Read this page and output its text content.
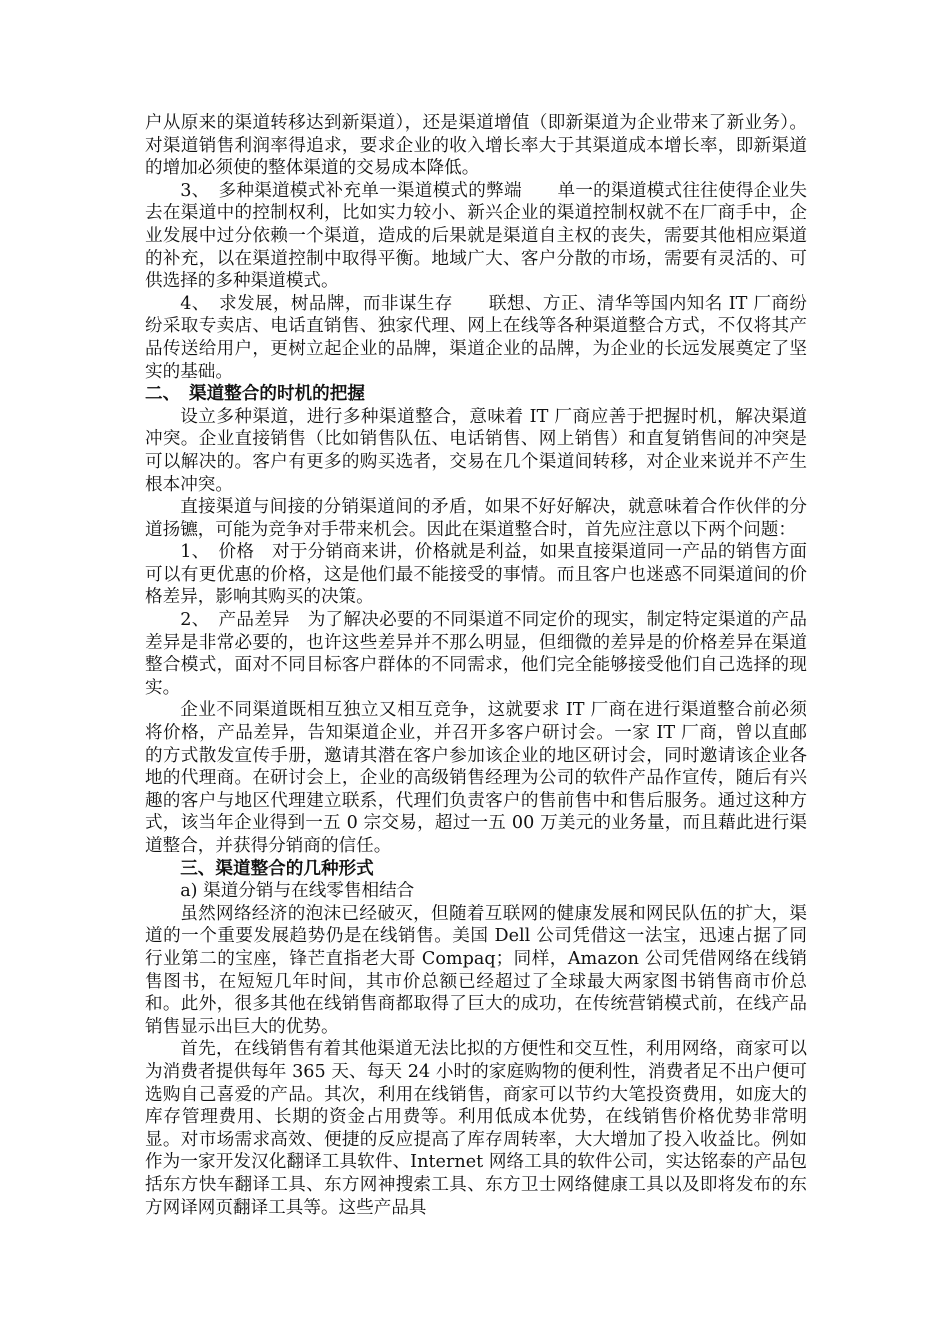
户从原来的渠道转移达到新渠道），还是渠道增值（即新渠道为企业带来了新业务）。对渠道销售利润率得追求，要求企业的收入增长率大于其渠道成本增长率，即新渠道的增加必须使的整体渠道的交易成本降低。

3、　多种渠道模式补充单一渠道模式的弊端　　单一的渠道模式往往使得企业失去在渠道中的控制权利，比如实力较小、新兴企业的渠道控制权就不在厂商手中，企业发展中过分依赖一个渠道，造成的后果就是渠道自主权的丧失，需要其他相应渠道的补充，以在渠道控制中取得平衡。地域广大、客户分散的市场，需要有灵活的、可供选择的多种渠道模式。

4、　求发展，树品牌，而非谋生存　　联想、方正、清华等国内知名 IT 厂商纷纷采取专卖店、电话直销售、独家代理、网上在线等各种渠道整合方式，不仅将其产品传送给用户，更树立起企业的品牌，渠道企业的品牌，为企业的长远发展奠定了坚实的基础。

二、　渠道整合的时机的把握

设立多种渠道，进行多种渠道整合，意味着 IT 厂商应善于把握时机，解决渠道冲突。企业直接销售（比如销售队伍、电话销售、网上销售）和直复销售间的冲突是可以解决的。客户有更多的购买选者，交易在几个渠道间转移，对企业来说并不产生根本冲突。

直接渠道与间接的分销渠道间的矛盾，如果不好好解决，就意味着合作伙伴的分道扬镳，可能为竞争对手带来机会。因此在渠道整合时，首先应注意以下两个问题：

1、　价格　对于分销商来讲，价格就是利益，如果直接渠道同一产品的销售方面可以有更优惠的价格，这是他们最不能接受的事情。而且客户也迷惑不同渠道间的价格差异，影响其购买的决策。

2、　产品差异　为了解决必要的不同渠道不同定价的现实，制定特定渠道的产品差异是非常必要的，也许这些差异并不那么明显，但细微的差异是的价格差异在渠道整合模式，面对不同目标客户群体的不同需求，他们完全能够接受他们自己选择的现实。

企业不同渠道既相互独立又相互竞争，这就要求 IT 厂商在进行渠道整合前必须将价格，产品差异，告知渠道企业，并召开多客户研讨会。一家 IT 厂商，曾以直邮的方式散发宣传手册，邀请其潜在客户参加该企业的地区研讨会，同时邀请该企业各地的代理商。在研讨会上，企业的高级销售经理为公司的软件产品作宣传，随后有兴趣的客户与地区代理建立联系，代理们负责客户的售前售中和售后服务。通过这种方式，该当年企业得到一五 0 宗交易，超过一五 00 万美元的业务量，而且藉此进行渠道整合，并获得分销商的信任。

三、渠道整合的几种形式

a) 渠道分销与在线零售相结合

虽然网络经济的泡沫已经破灭，但随着互联网的健康发展和网民队伍的扩大，渠道的一个重要发展趋势仍是在线销售。美国 Dell 公司凭借这一法宝，迅速占据了同行业第二的宝座，锋芒直指老大哥 Compaq；同样，Amazon 公司凭借网络在线销售图书，在短短几年时间，其市价总额已经超过了全球最大两家图书销售商市价总和。此外，很多其他在线销售商都取得了巨大的成功，在传统营销模式前，在线产品销售显示出巨大的优势。

首先，在线销售有着其他渠道无法比拟的方便性和交互性，利用网络，商家可以为消费者提供每年 365 天、每天 24 小时的家庭购物的便利性，消费者足不出户便可选购自己喜爱的产品。其次，利用在线销售，商家可以节约大笔投资费用，如庞大的库存管理费用、长期的资金占用费等。利用低成本优势，在线销售价格优势非常明显。对市场需求高效、便捷的反应提高了库存周转率，大大增加了投入收益比。例如作为一家开发汉化翻译工具软件、Internet 网络工具的软件公司，实达铭泰的产品包括东方快车翻译工具、东方网神搜索工具、东方卫士网络健康工具以及即将发布的东方网译网页翻译工具等。这些产品具
